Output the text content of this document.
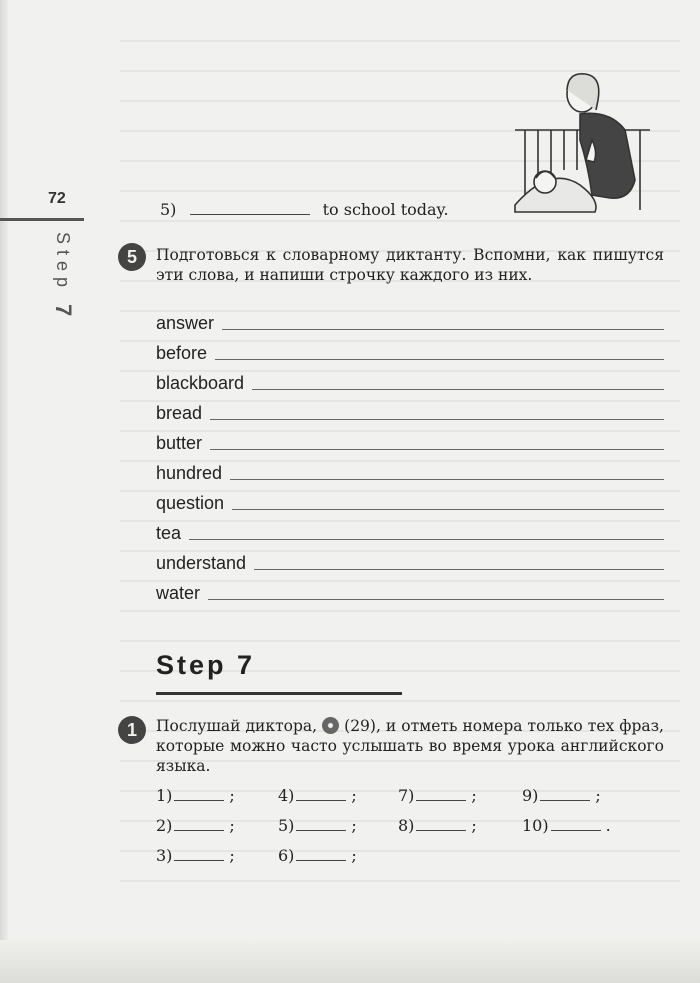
72
Step 7
5)	to school today.
5	Подготовься к словарному диктанту. Вспомни, как пишутся эти слова, и напиши строчку каждого из них.
answer
before
blackboard
bread
butter
hundred
question
tea
understand
water
Step 7
1	Послушай диктора, (29), и отметь номера только тех фраз, которые можно часто услышать во время урока английского языка.
1)	;
2)	;
3)	;
4)	;
5)	;
6)	;
7)	;
8)	;
9)	;
10)	.
